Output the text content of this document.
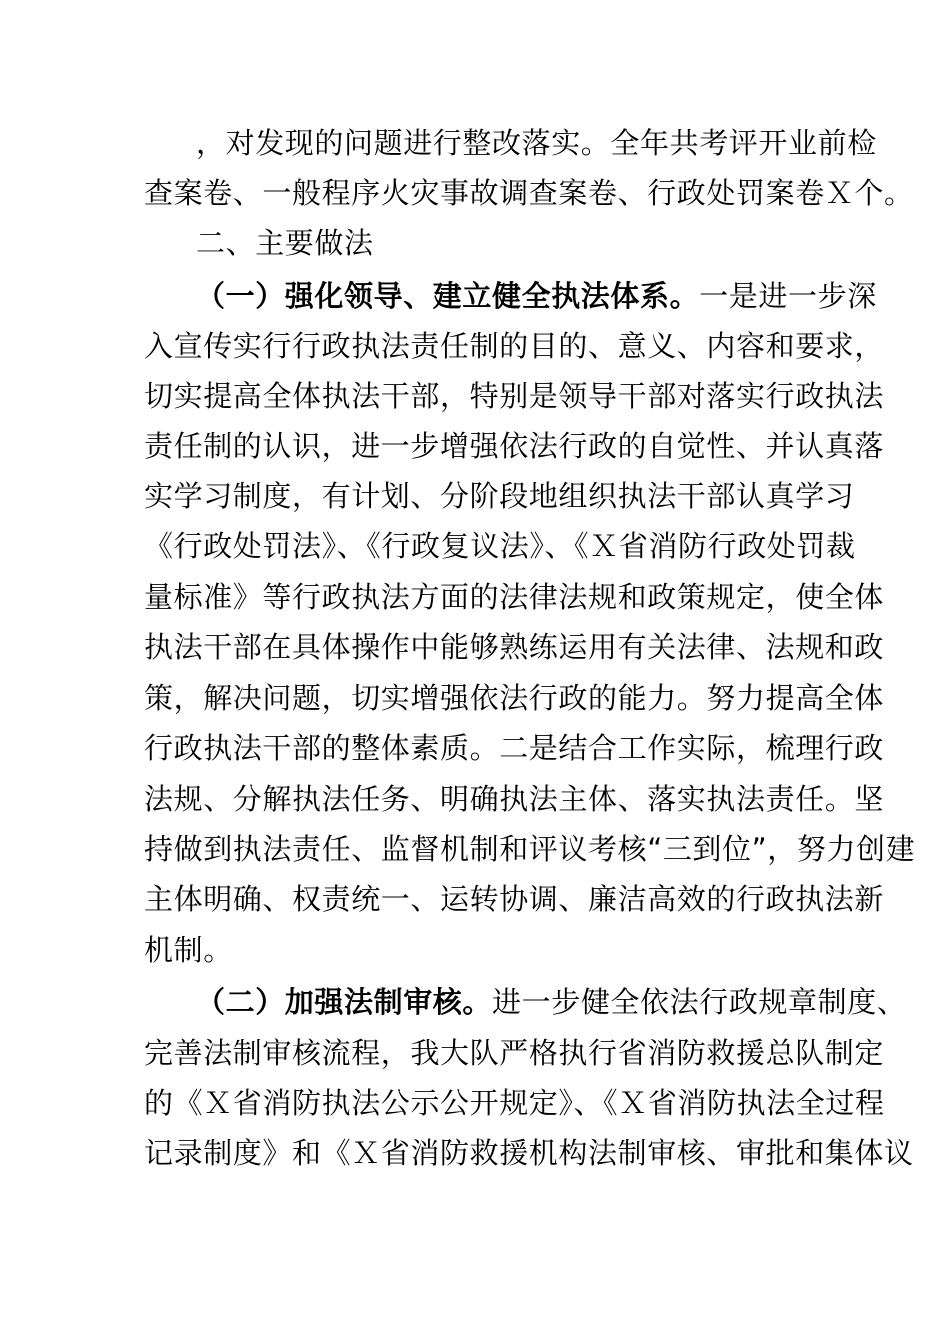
，对发现的问题进行整改落实。全年共考评开业前检
查案卷、一般程序火灾事故调查案卷、行政处罚案卷Ｘ个。
二、主要做法
（一）强化领导、建立健全执法体系。一是进一步深
入宣传实行行政执法责任制的目的、意义、内容和要求，
切实提高全体执法干部，特别是领导干部对落实行政执法
责任制的认识，进一步增强依法行政的自觉性、并认真落
实学习制度，有计划、分阶段地组织执法干部认真学习
《行政处罚法》、《行政复议法》、《Ｘ省消防行政处罚裁
量标准》等行政执法方面的法律法规和政策规定，使全体
执法干部在具体操作中能够熟练运用有关法律、法规和政
策，解决问题，切实增强依法行政的能力。努力提高全体
行政执法干部的整体素质。二是结合工作实际，梳理行政
法规、分解执法任务、明确执法主体、落实执法责任。坚
持做到执法责任、监督机制和评议考核“三到位”，努力创建
主体明确、权责统一、运转协调、廉洁高效的行政执法新
机制。
（二）加强法制审核。进一步健全依法行政规章制度、
完善法制审核流程，我大队严格执行省消防救援总队制定
的《Ｘ省消防执法公示公开规定》、《Ｘ省消防执法全过程
记录制度》和《Ｘ省消防救援机构法制审核、审批和集体议
